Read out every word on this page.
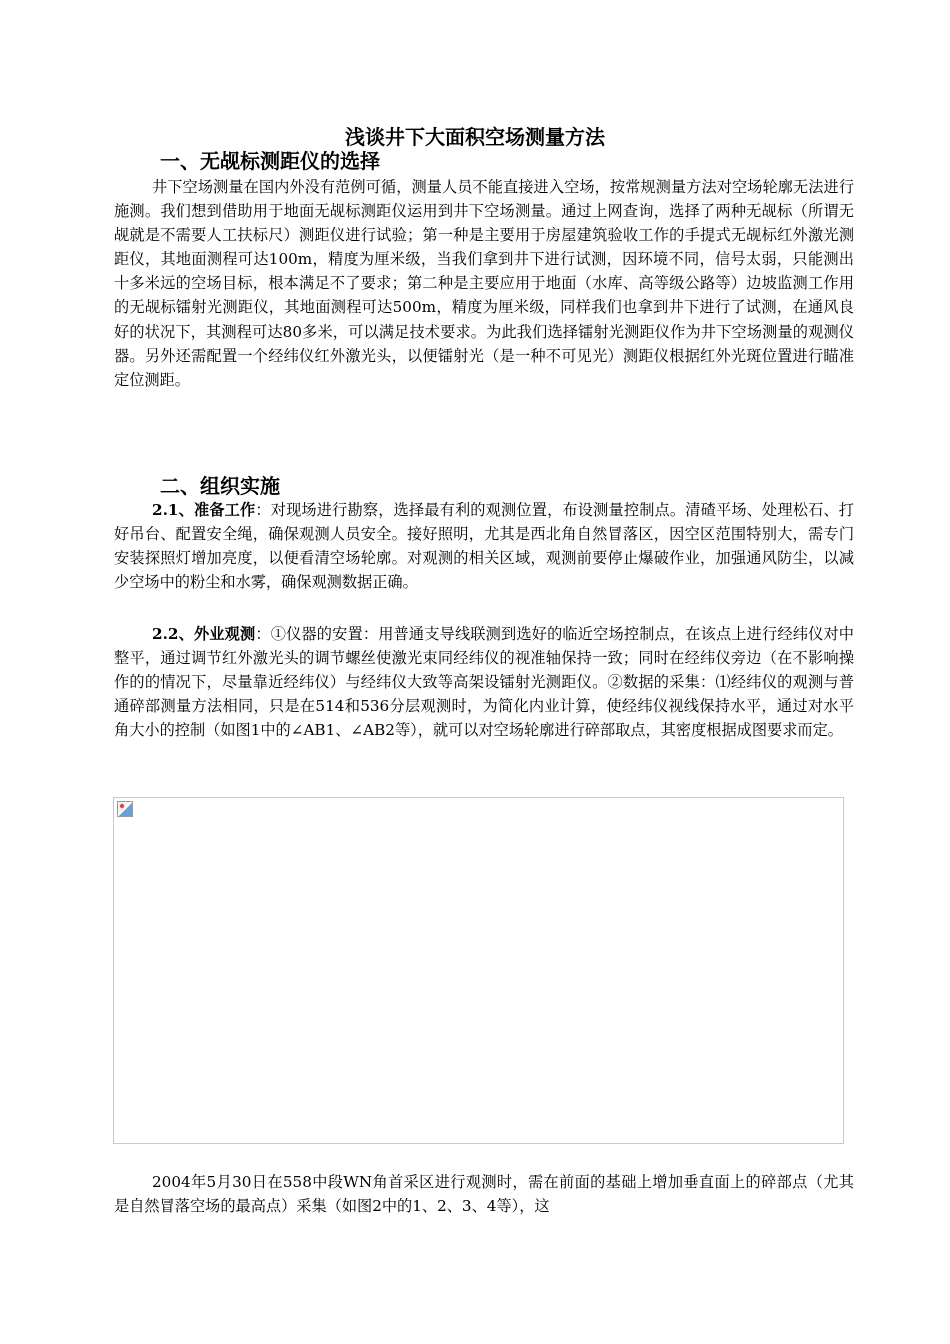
浅谈井下大面积空场测量方法
一、无觇标测距仪的选择
井下空场测量在国内外没有范例可循，测量人员不能直接进入空场，按常规测量方法对空场轮廓无法进行施测。我们想到借助用于地面无觇标测距仪运用到井下空场测量。通过上网查询，选择了两种无觇标（所谓无觇就是不需要人工扶标尺）测距仪进行试验；第一种是主要用于房屋建筑验收工作的手提式无觇标红外激光测距仪，其地面测程可达100m，精度为厘米级，当我们拿到井下进行试测，因环境不同，信号太弱，只能测出十多米远的空场目标，根本满足不了要求；第二种是主要应用于地面（水库、高等级公路等）边坡监测工作用的无觇标镭射光测距仪，其地面测程可达500m，精度为厘米级，同样我们也拿到井下进行了试测，在通风良好的状况下，其测程可达80多米，可以满足技术要求。为此我们选择镭射光测距仪作为井下空场测量的观测仪器。另外还需配置一个经纬仪红外激光头，以便镭射光（是一种不可见光）测距仪根据红外光斑位置进行瞄准定位测距。
二、组织实施
2.1、准备工作：对现场进行勘察，选择最有利的观测位置，布设测量控制点。清碴平场、处理松石、打好吊台、配置安全绳，确保观测人员安全。接好照明，尤其是西北角自然冒落区，因空区范围特别大，需专门安装探照灯增加亮度，以便看清空场轮廓。对观测的相关区域，观测前要停止爆破作业，加强通风防尘，以减少空场中的粉尘和水雾，确保观测数据正确。
2.2、外业观测：①仪器的安置：用普通支导线联测到选好的临近空场控制点，在该点上进行经纬仪对中整平，通过调节红外激光头的调节螺丝使激光束同经纬仪的视准轴保持一致；同时在经纬仪旁边（在不影响操作的的情况下，尽量靠近经纬仪）与经纬仪大致等高架设镭射光测距仪。②数据的采集：⑴经纬仪的观测与普通碎部测量方法相同，只是在514和536分层观测时，为简化内业计算，使经纬仪视线保持水平，通过对水平角大小的控制（如图1中的∠AB1、∠AB2等），就可以对空场轮廓进行碎部取点，其密度根据成图要求而定。
2004年5月30日在558中段WN角首采区进行观测时，需在前面的基础上增加垂直面上的碎部点（尤其是自然冒落空场的最高点）采集（如图2中的1、2、3、4等），这
